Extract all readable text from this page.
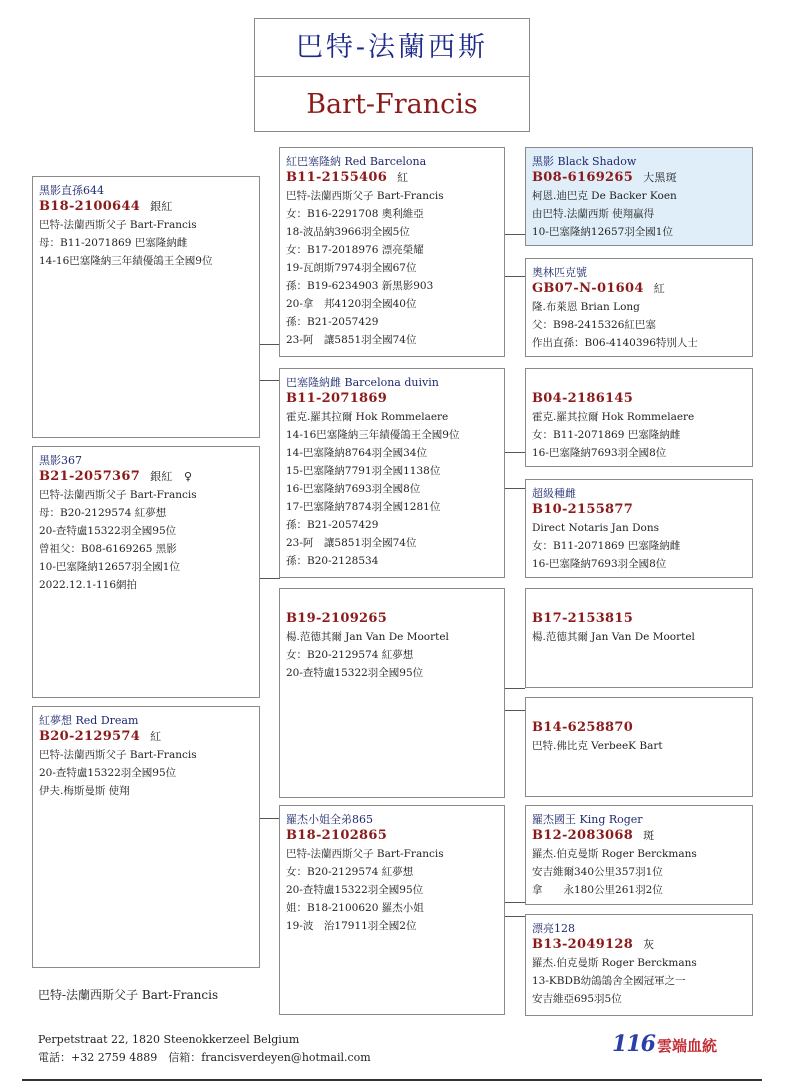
巴特-法蘭西斯
Bart-Francis
黑影直孫644
B18-2100644 銀紅
巴特-法蘭西斯父子 Bart-Francis
母：B11-2071869 巴塞隆納雌
14-16巴塞隆納三年績優鴿王全國9位
黑影367
B21-2057367 銀紅　♀
巴特-法蘭西斯父子 Bart-Francis
母：B20-2129574 紅夢想
20-查特盧15322羽全國95位
曾祖父：B08-6169265 黑影
10-巴塞隆納12657羽全國1位
2022.12.1-116網拍
紅夢想 Red Dream
B20-2129574 紅
巴特-法蘭西斯父子 Bart-Francis
20-查特盧15322羽全國95位
伊夫.梅斯曼斯 使翔
紅巴塞隆納 Red Barcelona
B11-2155406 紅
巴特-法蘭西斯父子 Bart-Francis
女：B16-2291708 奧利維亞
18-波品納3966羽全國5位
女：B17-2018976 漂亮榮耀
19-瓦朗斯7974羽全國67位
孫：B19-6234903 新黑影903
20-拿　邦4120羽全國40位
孫：B21-2057429
23-阿　讓5851羽全國74位
巴塞隆納雌 Barcelona duivin
B11-2071869
霍克.羅其拉爾 Hok Rommelaere
14-16巴塞隆納三年績優鴿王全國9位
14-巴塞隆納8764羽全國34位
15-巴塞隆納7791羽全國1138位
16-巴塞隆納7693羽全國8位
17-巴塞隆納7874羽全國1281位
孫：B21-2057429
23-阿　讓5851羽全國74位
孫：B20-2128534
B19-2109265
楊.范德其爾 Jan Van De Moortel
女：B20-2129574 紅夢想
20-查特盧15322羽全國95位
羅杰小姐全弟865
B18-2102865
巴特-法蘭西斯父子 Bart-Francis
女：B20-2129574 紅夢想
20-查特盧15322羽全國95位
姐：B18-2100620 羅杰小姐
19-波　治17911羽全國2位
黑影 Black Shadow
B08-6169265 大黑斑
柯恩.迪巴克 De Backer Koen
由巴特.法蘭西斯 使翔贏得
10-巴塞隆納12657羽全國1位
奧林匹克號
GB07-N-01604 紅
隆.布萊恩 Brian Long
父：B98-2415326紅巴塞
作出直孫：B06-4140396特別人士
B04-2186145
霍克.羅其拉爾 Hok Rommelaere
女：B11-2071869 巴塞隆納雌
16-巴塞隆納7693羽全國8位
超級種雌
B10-2155877
Direct Notaris Jan Dons
女：B11-2071869 巴塞隆納雌
16-巴塞隆納7693羽全國8位
B17-2153815
楊.范德其爾 Jan Van De Moortel
B14-6258870
巴特.佛比克 VerbeeK Bart
羅杰國王 King Roger
B12-2083068 斑
羅杰.伯克曼斯 Roger Berckmans
安吉維爾340公里357羽1位
拿　　永180公里261羽2位
漂亮128
B13-2049128 灰
羅杰.伯克曼斯 Roger Berckmans
13-KBDB幼鴿鴿舍全國冠軍之一
安吉維亞695羽5位
巴特-法蘭西斯父子 Bart-Francis
Perpetstraat 22, 1820 Steenokkerzeel Belgium
電話：+32 2759 4889　信箱：francisverdeyen@hotmail.com
116 雲端血統
